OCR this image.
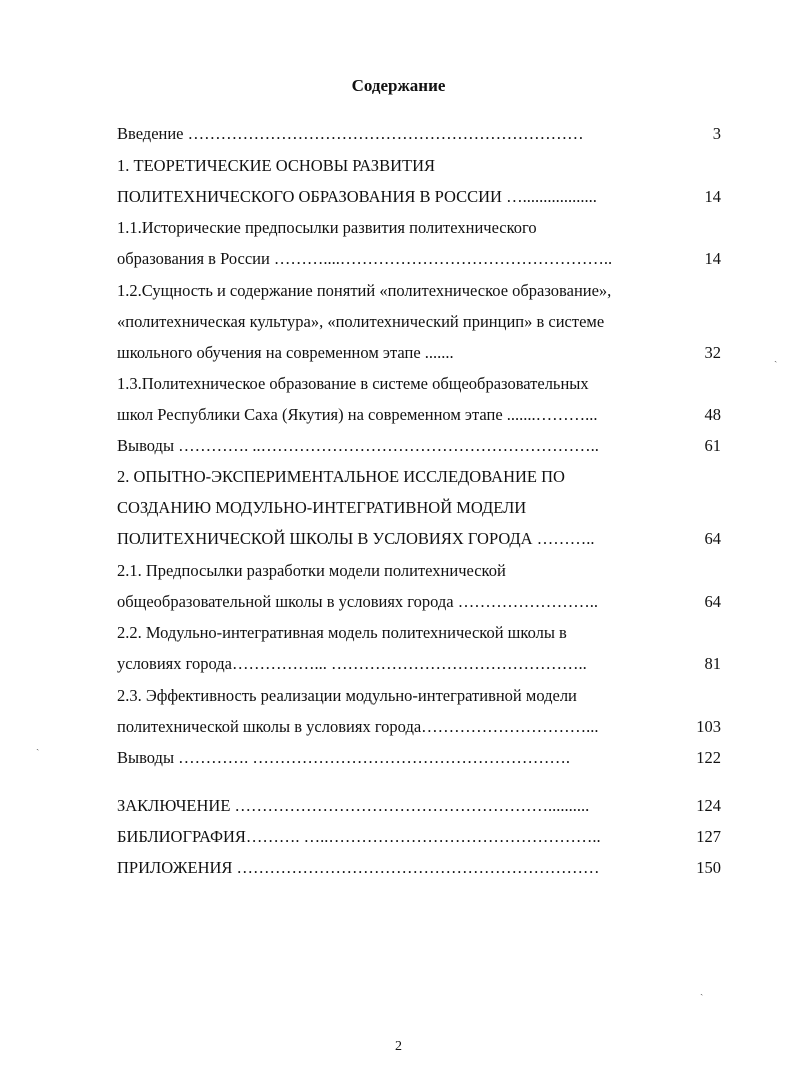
Содержание
Введение ………………………………………………………………	3
1. ТЕОРЕТИЧЕСКИЕ ОСНОВЫ РАЗВИТИЯ
ПОЛИТЕХНИЧЕСКОГО ОБРАЗОВАНИЯ В РОССИИ …..................	14
1.1.Исторические предпосылки развития политехнического
образования в России ………....…………………………………………..	14
1.2.Сущность и содержание понятий «политехническое образование»,
«политехническая культура», «политехнический принцип» в системе
школьного обучения на современном этапе .......	32
1.3.Политехническое образование в системе общеобразовательных
школ Республики Саха (Якутия) на современном этапе .......………...	48
Выводы …………. ..……………………………………………………..	61
2. ОПЫТНО-ЭКСПЕРИМЕНТАЛЬНОЕ ИССЛЕДОВАНИЕ ПО
СОЗДАНИЮ МОДУЛЬНО-ИНТЕГРАТИВНОЙ МОДЕЛИ
ПОЛИТЕХНИЧЕСКОЙ ШКОЛЫ В УСЛОВИЯХ ГОРОДА ………..	64
2.1. Предпосылки разработки модели политехнической
общеобразовательной школы в условиях города ……………………..	64
2.2. Модульно-интегративная модель политехнической школы в
условиях города……………... ………………………………………..	81
2.3. Эффективность реализации модульно-интегративной модели
политехнической школы в условиях города…………………………...	103
Выводы …………. ………………………………………………….	122
ЗАКЛЮЧЕНИЕ …………………………………………………..........	124
БИБЛИОГРАФИЯ………. …..…………………………………………..	127
ПРИЛОЖЕНИЯ …………………………………………………………	150
ˎ
ˏ
ˏ
2
